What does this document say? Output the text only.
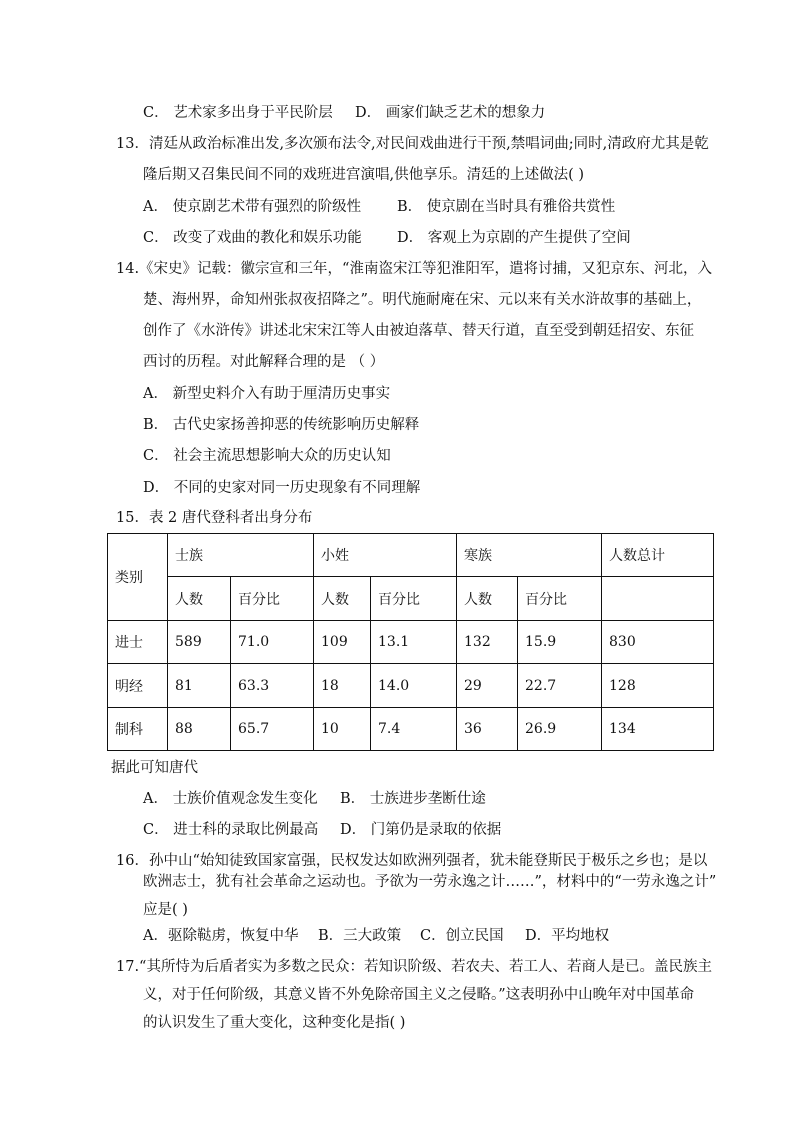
C． 艺术家多出身于平民阶层 D． 画家们缺乏艺术的想象力
13．清廷从政治标准出发,多次颁布法令,对民间戏曲进行干预,禁唱词曲;同时,清政府尤其是乾
隆后期又召集民间不同的戏班进宫演唱,供他享乐。清廷的上述做法( )
A． 使京剧艺术带有强烈的阶级性 B． 使京剧在当时具有雅俗共赏性
C． 改变了戏曲的教化和娱乐功能 D． 客观上为京剧的产生提供了空间
14.《宋史》记载：徽宗宣和三年，“淮南盗宋江等犯淮阳军，遣将讨捕，又犯京东、河北，入
楚、海州界，命知州张叔夜招降之”。明代施耐庵在宋、元以来有关水浒故事的基础上，
创作了《水浒传》讲述北宋宋江等人由被迫落草、替天行道，直至受到朝廷招安、东征
西讨的历程。对此解释合理的是 （ ）
A． 新型史料介入有助于厘清历史事实
B． 古代史家扬善抑恶的传统影响历史解释
C． 社会主流思想影响大众的历史认知
D． 不同的史家对同一历史现象有不同理解
15．表 2 唐代登科者出身分布
类别	士族		小姓		寒族		人数总计
	人数	百分比	人数	百分比	人数	百分比	
进士	589	71.0	109	13.1	132	15.9	830
明经	81	63.3	18	14.0	29	22.7	128
制科	88	65.7	10	7.4	36	26.9	134
据此可知唐代
A． 士族价值观念发生变化 B． 士族进步垄断仕途
C． 进士科的录取比例最高 D． 门第仍是录取的依据
16．孙中山“始知徒致国家富强，民权发达如欧洲列强者，犹未能登斯民于极乐之乡也；是以
欧洲志士，犹有社会革命之运动也。予欲为一劳永逸之计……”，材料中的“一劳永逸之计”
应是( )
A．驱除鞑虏，恢复中华 B．三大政策 C．创立民国 D．平均地权
17.“其所恃为后盾者实为多数之民众：若知识阶级、若农夫、若工人、若商人是已。盖民族主
义，对于任何阶级，其意义皆不外免除帝国主义之侵略。”这表明孙中山晚年对中国革命
的认识发生了重大变化，这种变化是指( )
